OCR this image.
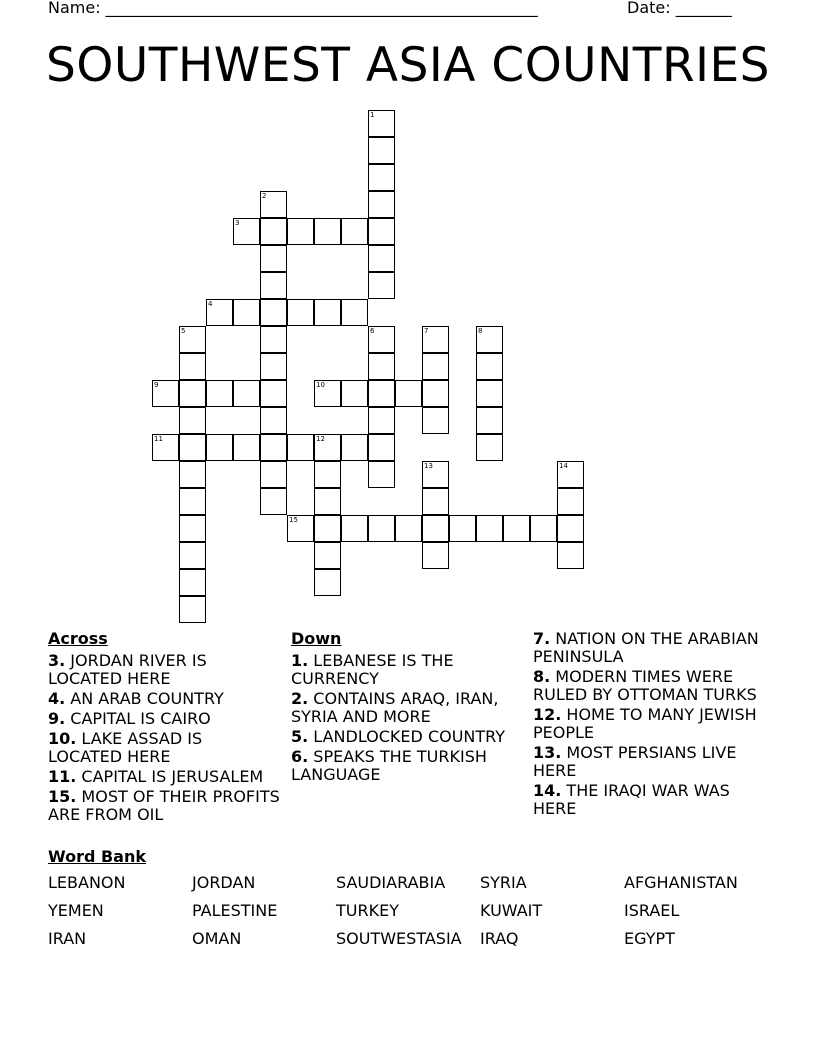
Name: ______________________________________________________	Date: _______
SOUTHWEST ASIA COUNTRIES
1
2
3
4
5	6	7	8
9	10
11	12
13	14
15
Across
3. JORDAN RIVER IS LOCATED HERE
4. AN ARAB COUNTRY
9. CAPITAL IS CAIRO
10. LAKE ASSAD IS LOCATED HERE
11. CAPITAL IS JERUSALEM
15. MOST OF THEIR PROFITS ARE FROM OIL
Down
1. LEBANESE IS THE CURRENCY
2. CONTAINS ARAQ, IRAN, SYRIA AND MORE
5. LANDLOCKED COUNTRY
6. SPEAKS THE TURKISH LANGUAGE
7. NATION ON THE ARABIAN PENINSULA
8. MODERN TIMES WERE RULED BY OTTOMAN TURKS
12. HOME TO MANY JEWISH PEOPLE
13. MOST PERSIANS LIVE HERE
14. THE IRAQI WAR WAS HERE
Word Bank
LEBANON	JORDAN	SAUDIARABIA	SYRIA	AFGHANISTAN
YEMEN	PALESTINE	TURKEY	KUWAIT	ISRAEL
IRAN	OMAN	SOUTWESTASIA	IRAQ	EGYPT
